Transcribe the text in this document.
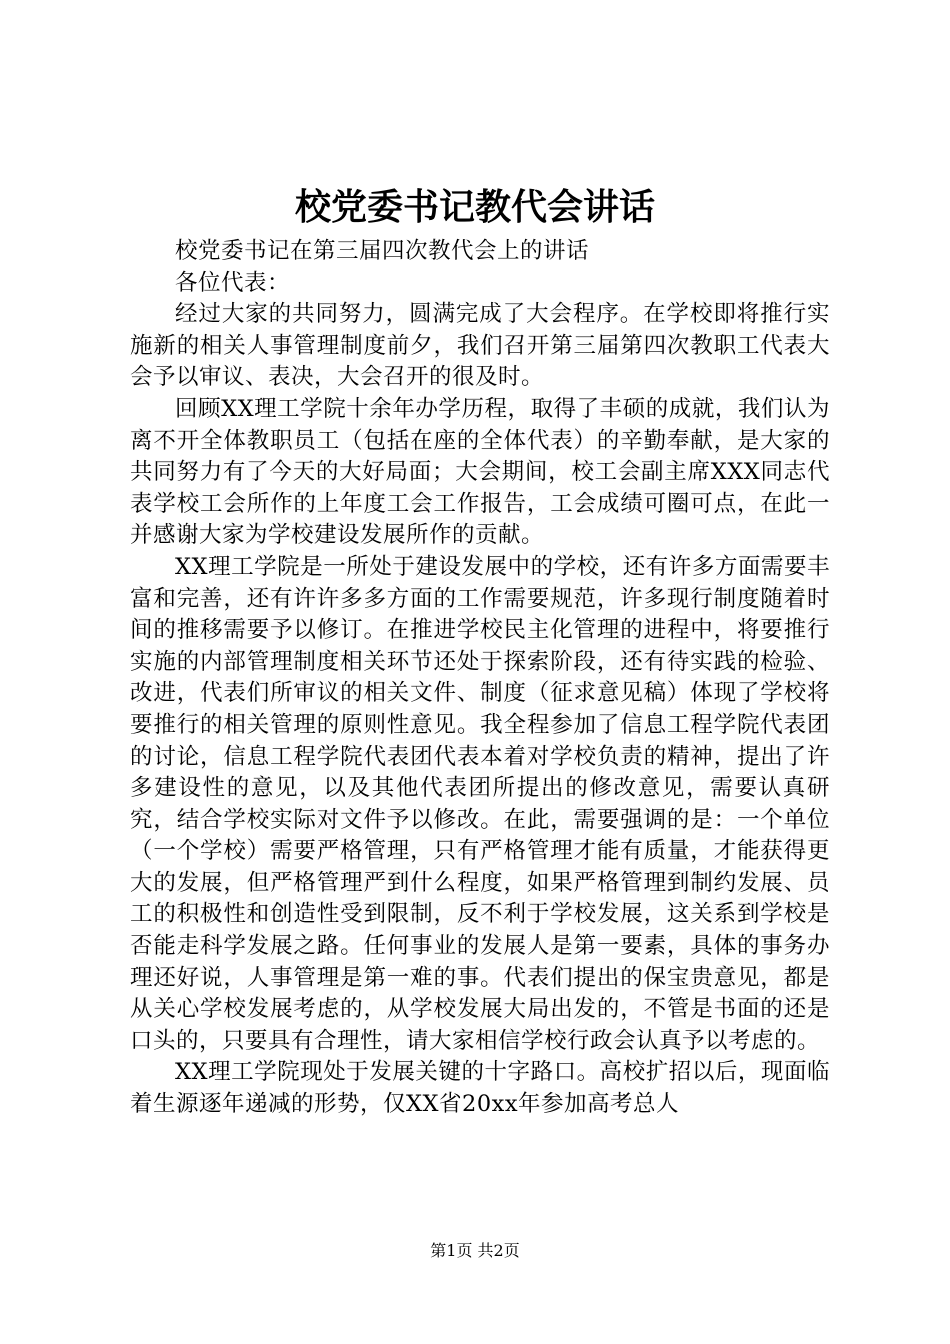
校党委书记教代会讲话

校党委书记在第三届四次教代会上的讲话

各位代表：

经过大家的共同努力，圆满完成了大会程序。在学校即将推行实施新的相关人事管理制度前夕，我们召开第三届第四次教职工代表大会予以审议、表决，大会召开的很及时。

回顾XX理工学院十余年办学历程，取得了丰硕的成就，我们认为离不开全体教职员工（包括在座的全体代表）的辛勤奉献，是大家的共同努力有了今天的大好局面；大会期间，校工会副主席XXX同志代表学校工会所作的上年度工会工作报告，工会成绩可圈可点，在此一并感谢大家为学校建设发展所作的贡献。

XX理工学院是一所处于建设发展中的学校，还有许多方面需要丰富和完善，还有许许多多方面的工作需要规范，许多现行制度随着时间的推移需要予以修订。在推进学校民主化管理的进程中，将要推行实施的内部管理制度相关环节还处于探索阶段，还有待实践的检验、改进，代表们所审议的相关文件、制度（征求意见稿）体现了学校将要推行的相关管理的原则性意见。我全程参加了信息工程学院代表团的讨论，信息工程学院代表团代表本着对学校负责的精神，提出了许多建设性的意见，以及其他代表团所提出的修改意见，需要认真研究，结合学校实际对文件予以修改。在此，需要强调的是：一个单位（一个学校）需要严格管理，只有严格管理才能有质量，才能获得更大的发展，但严格管理严到什么程度，如果严格管理到制约发展、员工的积极性和创造性受到限制，反不利于学校发展，这关系到学校是否能走科学发展之路。任何事业的发展人是第一要素，具体的事务办理还好说，人事管理是第一难的事。代表们提出的保宝贵意见，都是从关心学校发展考虑的，从学校发展大局出发的，不管是书面的还是口头的，只要具有合理性，请大家相信学校行政会认真予以考虑的。

XX理工学院现处于发展关键的十字路口。高校扩招以后，现面临着生源逐年递减的形势，仅XX省20xx年参加高考总人

第1页 共2页
